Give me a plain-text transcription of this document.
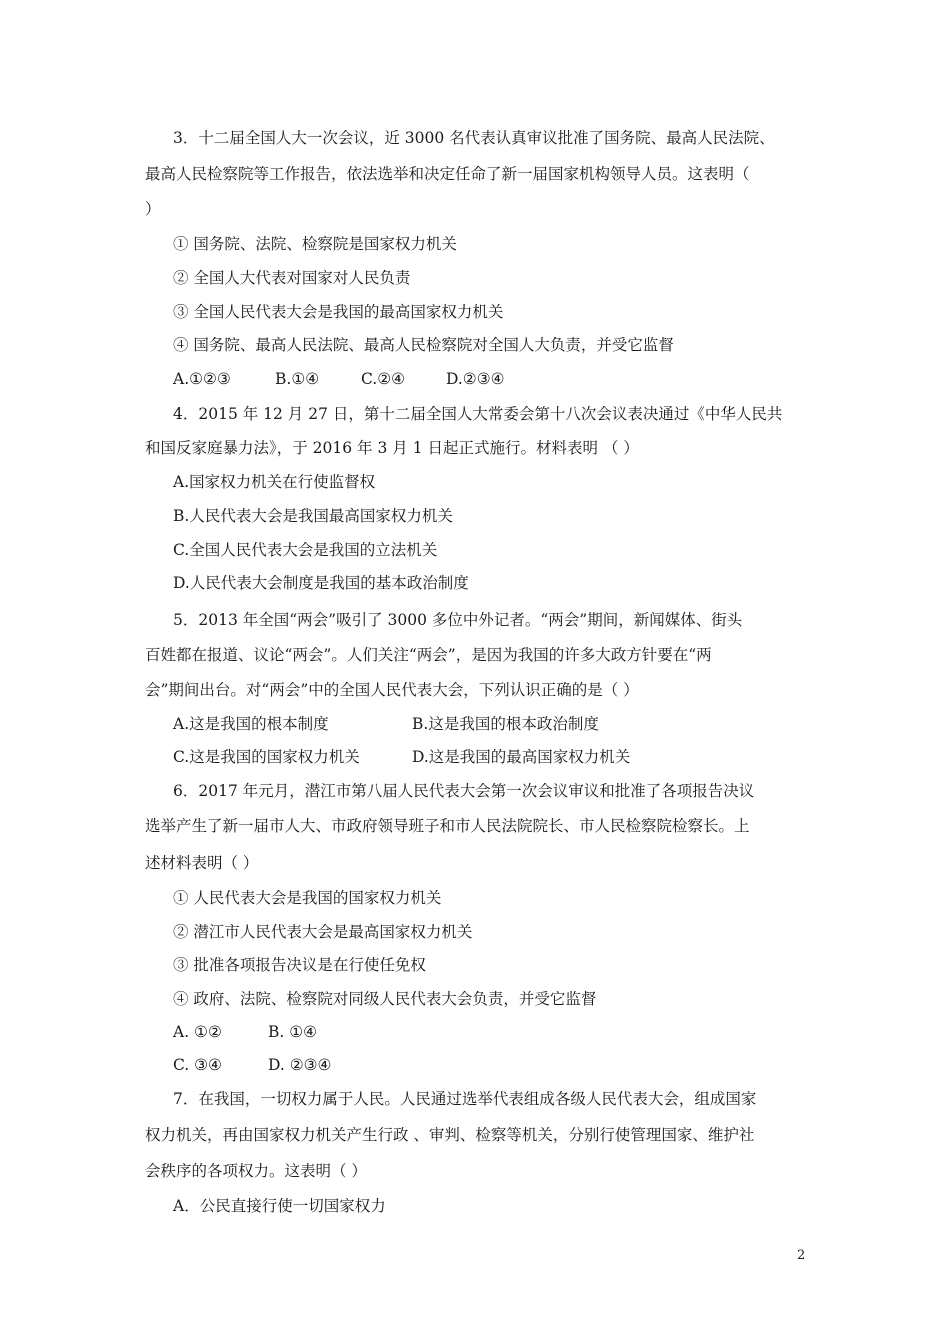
3．十二届全国人大一次会议，近 3000 名代表认真审议批准了国务院、最高人民法院、
最高人民检察院等工作报告，依法选举和决定任命了新一届国家机构领导人员。这表明（
）
① 国务院、法院、检察院是国家权力机关
② 全国人大代表对国家对人民负责
③ 全国人民代表大会是我国的最高国家权力机关
④ 国务院、最高人民法院、最高人民检察院对全国人大负责，并受它监督
A.①②③	B.①④	C.②④	D.②③④
4．2015 年 12 月 27 日，第十二届全国人大常委会第十八次会议表决通过《中华人民共
和国反家庭暴力法》，于 2016 年 3 月 1 日起正式施行。材料表明 （ ）
A.国家权力机关在行使监督权
B.人民代表大会是我国最高国家权力机关
C.全国人民代表大会是我国的立法机关
D.人民代表大会制度是我国的基本政治制度
5．2013 年全国“两会”吸引了 3000 多位中外记者。“两会”期间，新闻媒体、街头
百姓都在报道、议论“两会”。人们关注“两会”，是因为我国的许多大政方针要在“两
会”期间出台。对“两会”中的全国人民代表大会，下列认识正确的是（ ）
A.这是我国的根本制度	B.这是我国的根本政治制度
C.这是我国的国家权力机关	D.这是我国的最高国家权力机关
6．2017 年元月，潜江市第八届人民代表大会第一次会议审议和批准了各项报告决议
选举产生了新一届市人大、市政府领导班子和市人民法院院长、市人民检察院检察长。上
述材料表明（ ）
① 人民代表大会是我国的国家权力机关
② 潜江市人民代表大会是最高国家权力机关
③ 批准各项报告决议是在行使任免权
④ 政府、法院、检察院对同级人民代表大会负责，并受它监督
A. ①②	B. ①④
C. ③④	D. ②③④
7．在我国，一切权力属于人民。人民通过选举代表组成各级人民代表大会，组成国家
权力机关，再由国家权力机关产生行政 、审判、检察等机关，分别行使管理国家、维护社
会秩序的各项权力。这表明（ ）
A．公民直接行使一切国家权力
2
